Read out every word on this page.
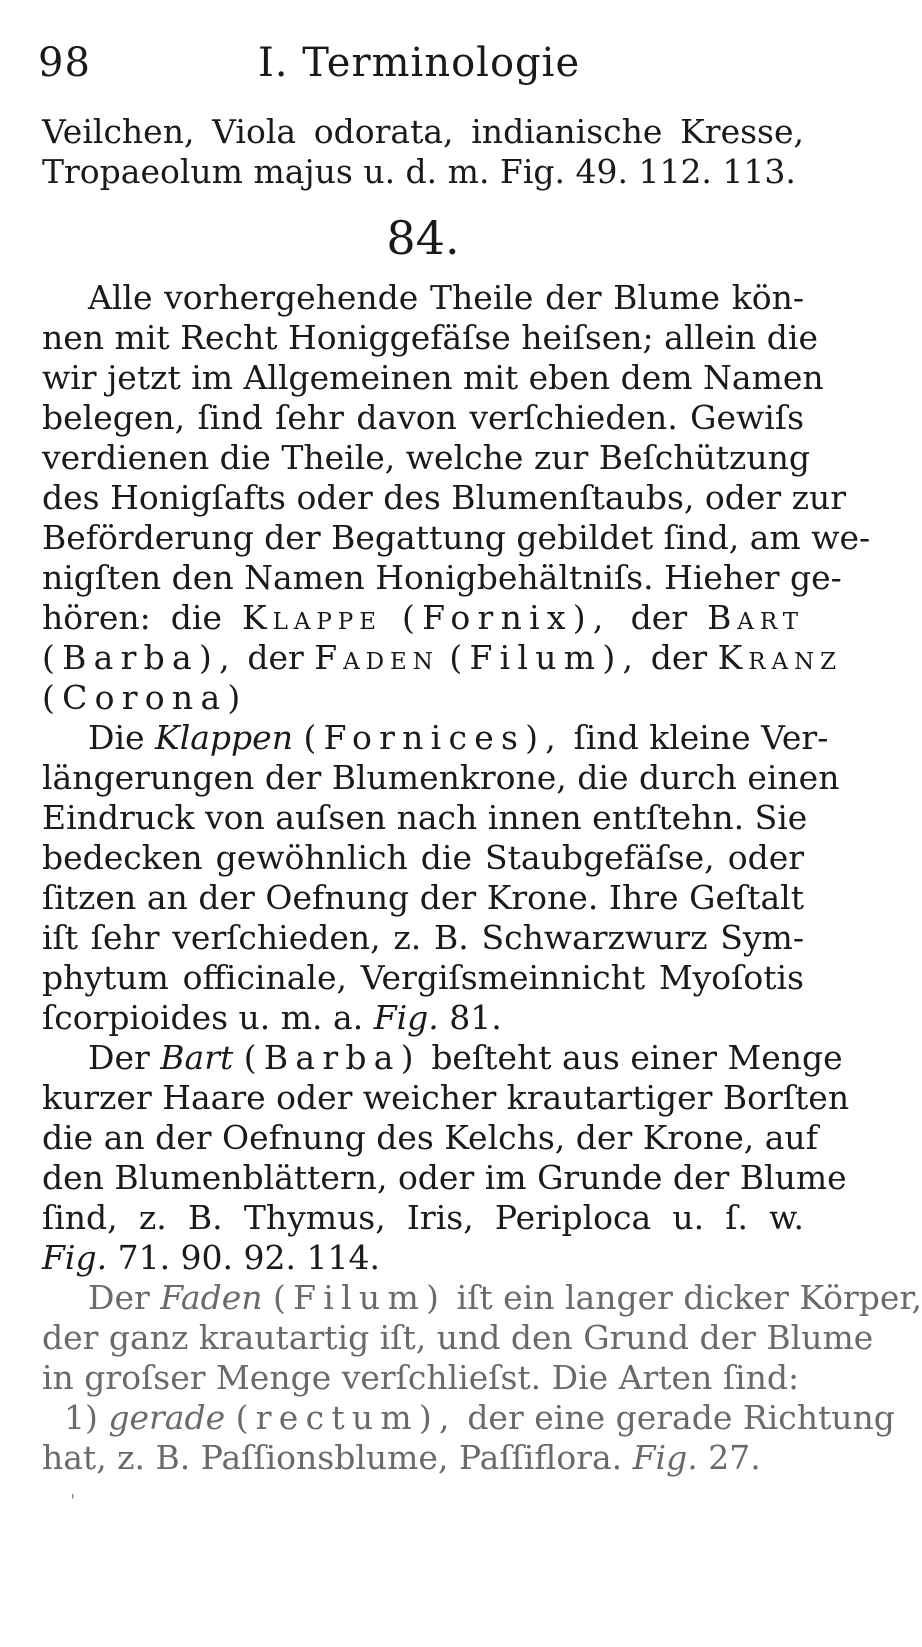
98	I. Terminologie
Veilchen, Viola odorata, indianische Kresse,
Tropaeolum majus u. d. m. Fig. 49. 112. 113.
84.
Alle vorhergehende Theile der Blume kön-
nen mit Recht Honiggefäſse heiſsen; allein die
wir jetzt im Allgemeinen mit eben dem Namen
belegen, ſind ſehr davon verſchieden. Gewiſs
verdienen die Theile, welche zur Beſchützung
des Honigſafts oder des Blumenſtaubs, oder zur
Beförderung der Begattung gebildet ſind, am we-
nigſten den Namen Honigbehältniſs. Hieher ge-
hören: die Klappe (Fornix), der Bart
(Barba), der Faden (Filum), der Kranz
(Corona)
Die Klappen (Fornices), ſind kleine Ver-
längerungen der Blumenkrone, die durch einen
Eindruck von auſsen nach innen entſtehn. Sie
bedecken gewöhnlich die Staubgefäſse, oder
ſitzen an der Oefnung der Krone. Ihre Geſtalt
iſt ſehr verſchieden, z. B. Schwarzwurz Sym-
phytum officinale, Vergiſsmeinnicht Myoſotis
ſcorpioides u. m. a. Fig. 81.
Der Bart (Barba) beſteht aus einer Menge
kurzer Haare oder weicher krautartiger Borſten
die an der Oefnung des Kelchs, der Krone, auf
den Blumenblättern, oder im Grunde der Blume
ſind, z. B. Thymus, Iris, Periploca u. ſ. w.
Fig. 71. 90. 92. 114.
Der Faden (Filum) iſt ein langer dicker Körper,
der ganz krautartig iſt, und den Grund der Blume
in groſser Menge verſchlieſst. Die Arten ſind:
1) gerade (rectum), der eine gerade Richtung
hat, z. B. Paſſionsblume, Paſſiflora. Fig. 27.
ˈ
